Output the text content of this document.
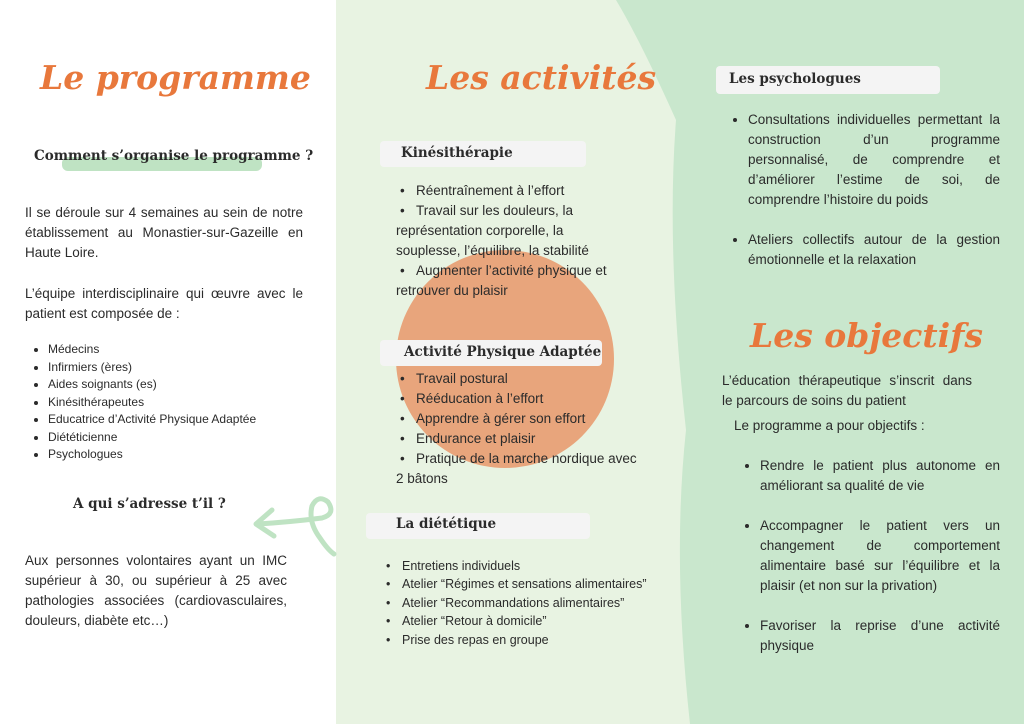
Le programme
Comment s’organise le programme ?
Il se déroule sur 4 semaines au sein de notre établissement au Monastier-sur-Gazeille en Haute Loire.
L’équipe interdisciplinaire qui œuvre avec le patient est composée de :
• Médecins
• Infirmiers (ères)
• Aides soignants (es)
• Kinésithérapeutes
• Educatrice d’Activité Physique Adaptée
• Diététicienne
• Psychologues
A qui s’adresse t’il ?
Aux personnes volontaires ayant un IMC supérieur à 30, ou supérieur à 25 avec pathologies associées (cardiovasculaires, douleurs, diabète etc…)
Les activités
Kinésithérapie
• Réentraînement à l’effort
• Travail sur les douleurs, la représentation corporelle, la souplesse, l’équilibre, la stabilité
• Augmenter l’activité physique et retrouver du plaisir
Activité Physique Adaptée
• Travail postural
• Rééducation à l’effort
• Apprendre à gérer son effort
• Endurance et plaisir
• Pratique de la marche nordique avec 2 bâtons
La diététique
• Entretiens individuels
• Atelier “Régimes et sensations alimentaires”
• Atelier “Recommandations alimentaires”
• Atelier “Retour à domicile”
• Prise des repas en groupe
Les psychologues
• Consultations individuelles permettant la construction d’un programme personnalisé, de comprendre et d’améliorer l’estime de soi, de comprendre l’histoire du poids
• Ateliers collectifs autour de la gestion émotionnelle et la relaxation
Les objectifs
L’éducation thérapeutique s’inscrit dans le parcours de soins du patient
Le programme a pour objectifs :
• Rendre le patient plus autonome en améliorant sa qualité de vie
• Accompagner le patient vers un changement de comportement alimentaire basé sur l’équilibre et la plaisir (et non sur la privation)
• Favoriser la reprise d’une activité physique
